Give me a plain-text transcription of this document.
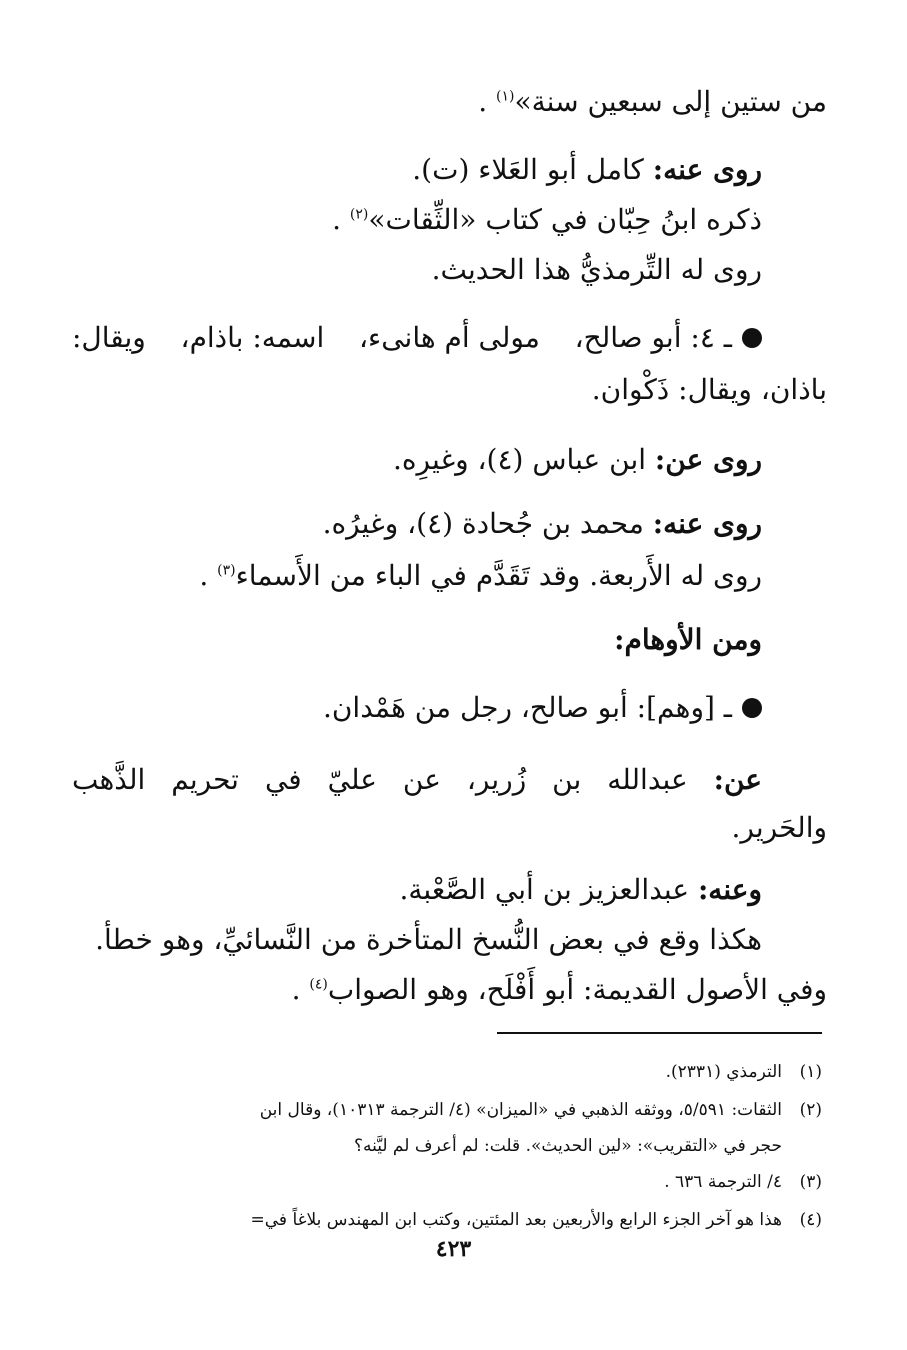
من ستين إلى سبعين سنة»$^{(١)}$ .
روى عنه: كامل أبو العَلاء (ت).
ذكره ابنُ حِبّان في كتاب «الثِّقات»$^{(٢)}$ .
روى له التِّرمذيُّ هذا الحديث.
ـ ٤: أبو صالح،
مولى أم هانىء،
اسمه: باذام،
ويقال:
باذان، ويقال: ذَكْوان.
روى عن: ابن عباس (٤)، وغيرِه.
روى عنه: محمد بن جُحادة (٤)، وغيرُه.
روى له الأَربعة. وقد تَقَدَّم في الباء من الأَسماء$^{(٣)}$ .
ومن الأوهام:
ـ [وهم]: أبو صالح، رجل من هَمْدان.
عن:
عبدالله
بن
زُرير،
عن
عليّ
في
تحريم
الذَّهب
والحَرير.
وعنه: عبدالعزيز بن أبي الصَّعْبة.
هكذا وقع في بعض النُّسخ المتأخرة من النَّسائيِّ، وهو خطأ.
وفي الأصول القديمة: أبو أَفْلَح، وهو الصواب$^{(٤)}$ .
(١)الترمذي (٢٣٣١).
(٢)الثقات: ٥/٥٩١، ووثقه الذهبي في «الميزان» (٤/ الترجمة ١٠٣١٣)، وقال ابن
حجر في «التقريب»: «لين الحديث». قلت: لم أعرف لم ليَّنه؟
(٣)٤/ الترجمة ٦٣٦ .
(٤)هذا هو آخر الجزء الرابع والأربعين بعد المئتين، وكتب ابن المهندس بلاغاً في=
٤٢٣
